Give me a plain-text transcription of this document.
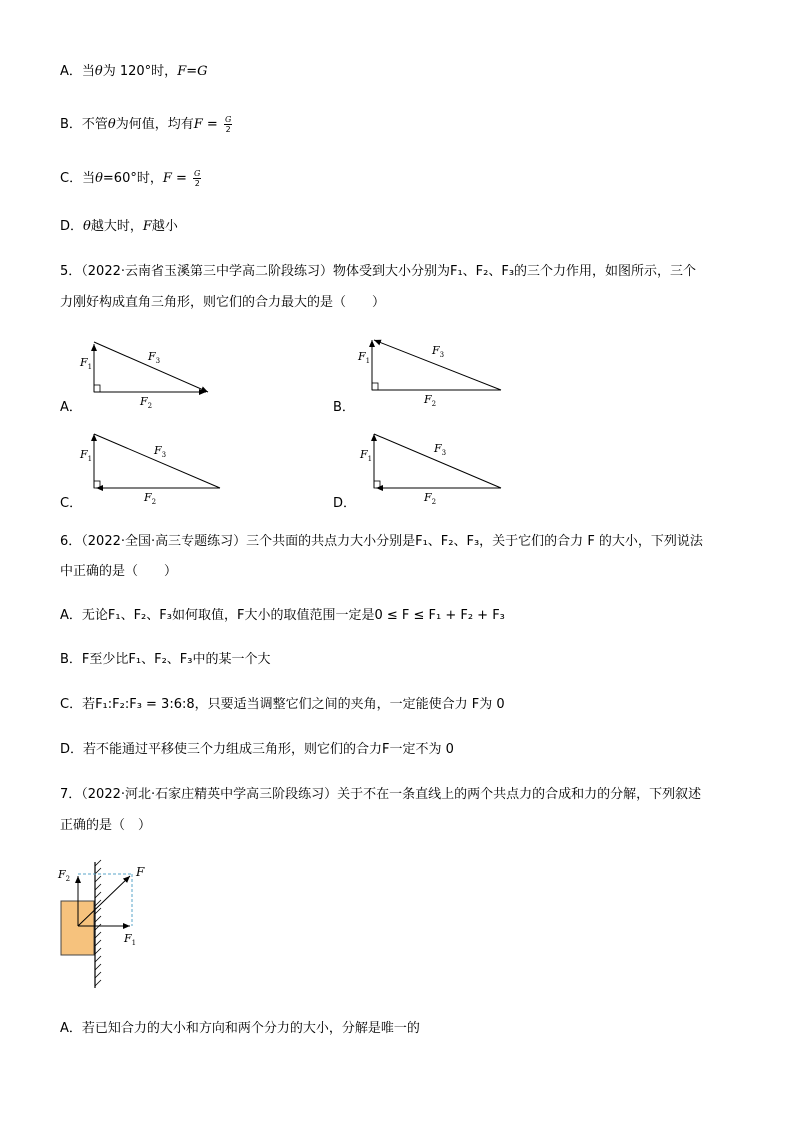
A．当θ为 120°时，F=G
B．不管θ为何值，均有$F = \frac{G}{2}$
C．当θ=60°时，$F = \frac{G}{2}$
D．θ越大时，F越小
5．（2022·云南省玉溪第三中学高二阶段练习）物体受到大小分别为F₁、F₂、F₃的三个力作用，如图所示，三个
力刚好构成直角三角形，则它们的合力最大的是（　　）
A．
$F_1$
$F_3$
$F_2$	B．
$F_1$
$F_3$
$F_2$
C．
$F_1$
$F_3$
$F_2$	D．
$F_1$
$F_3$
$F_2$
6．（2022·全国·高三专题练习）三个共面的共点力大小分别是F₁、F₂、F₃，关于它们的合力 F 的大小，下列说法
中正确的是（　　）
A．无论F₁、F₂、F₃如何取值，F大小的取值范围一定是0 ≤ F ≤ F₁ + F₂ + F₃
B．F至少比F₁、F₂、F₃中的某一个大
C．若F₁:F₂:F₃ = 3:6:8，只要适当调整它们之间的夹角，一定能使合力 F为 0
D．若不能通过平移使三个力组成三角形，则它们的合力F一定不为 0
7．（2022·河北·石家庄精英中学高三阶段练习）关于不在一条直线上的两个共点力的合成和力的分解，下列叙述
正确的是（　）
F
$F_2$
$F_1$
A．若已知合力的大小和方向和两个分力的大小，分解是唯一的
